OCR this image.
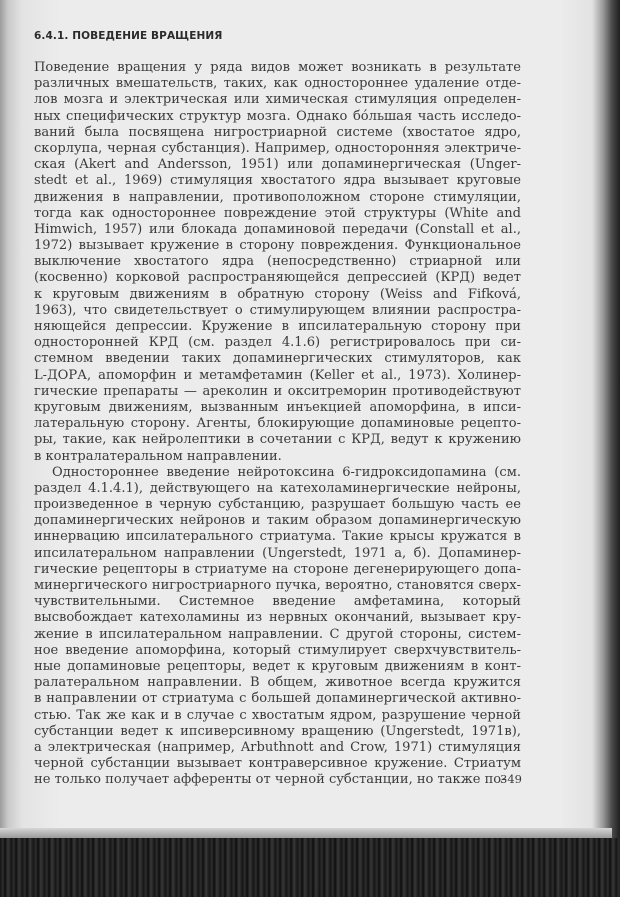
6.4.1. ПОВЕДЕНИЕ ВРАЩЕНИЯ
Поведение вращения у ряда видов может возникать в результате
различных вмешательств, таких, как одностороннее удаление отде-
лов мозга и электрическая или химическая стимуляция определен-
ных специфических структур мозга. Однако бóльшая часть исследо-
ваний была посвящена нигростриарной системе (хвостатое ядро,
скорлупа, черная субстанция). Например, односторонняя электриче-
ская (Akert and Andersson, 1951) или допаминергическая (Unger-
stedt et al., 1969) стимуляция хвостатого ядра вызывает круговые
движения в направлении, противоположном стороне стимуляции,
тогда как одностороннее повреждение этой структуры (White and
Himwich, 1957) или блокада допаминовой передачи (Constall et al.,
1972) вызывает кружение в сторону повреждения. Функциональное
выключение хвостатого ядра (непосредственно) стриарной или
(косвенно) корковой распространяющейся депрессией (КРД) ведет
к круговым движениям в обратную сторону (Weiss and Fifková,
1963), что свидетельствует о стимулирующем влиянии распростра-
няющейся депрессии. Кружение в ипсилатеральную сторону при
односторонней КРД (см. раздел 4.1.6) регистрировалось при си-
стемном введении таких допаминергических стимуляторов, как
L-ДОРА, апоморфин и метамфетамин (Keller et al., 1973). Холинер-
гические препараты — ареколин и окситреморин противодействуют
круговым движениям, вызванным инъекцией апоморфина, в ипси-
латеральную сторону. Агенты, блокирующие допаминовые рецепто-
ры, такие, как нейролептики в сочетании с КРД, ведут к кружению
в контралатеральном направлении.
Одностороннее введение нейротоксина 6-гидроксидопамина (см.
раздел 4.1.4.1), действующего на катехоламинергические нейроны,
произведенное в черную субстанцию, разрушает большую часть ее
допаминергических нейронов и таким образом допаминергическую
иннервацию ипсилатерального стриатума. Такие крысы кружатся в
ипсилатеральном направлении (Ungerstedt, 1971 а, б). Допаминер-
гические рецепторы в стриатуме на стороне дегенерирующего допа-
минергического нигростриарного пучка, вероятно, становятся сверх-
чувствительными. Системное введение амфетамина, который
высвобождает катехоламины из нервных окончаний, вызывает кру-
жение в ипсилатеральном направлении. С другой стороны, систем-
ное введение апоморфина, который стимулирует сверхчувствитель-
ные допаминовые рецепторы, ведет к круговым движениям в конт-
ралатеральном направлении. В общем, животное всегда кружится
в направлении от стриатума с большей допаминергической активно-
стью. Так же как и в случае с хвостатым ядром, разрушение черной
субстанции ведет к ипсиверсивному вращению (Ungerstedt, 1971в),
а электрическая (например, Arbuthnott and Crow, 1971) стимуляция
черной субстанции вызывает контраверсивное кружение. Стриатум
не только получает афференты от черной субстанции, но также по-
349
